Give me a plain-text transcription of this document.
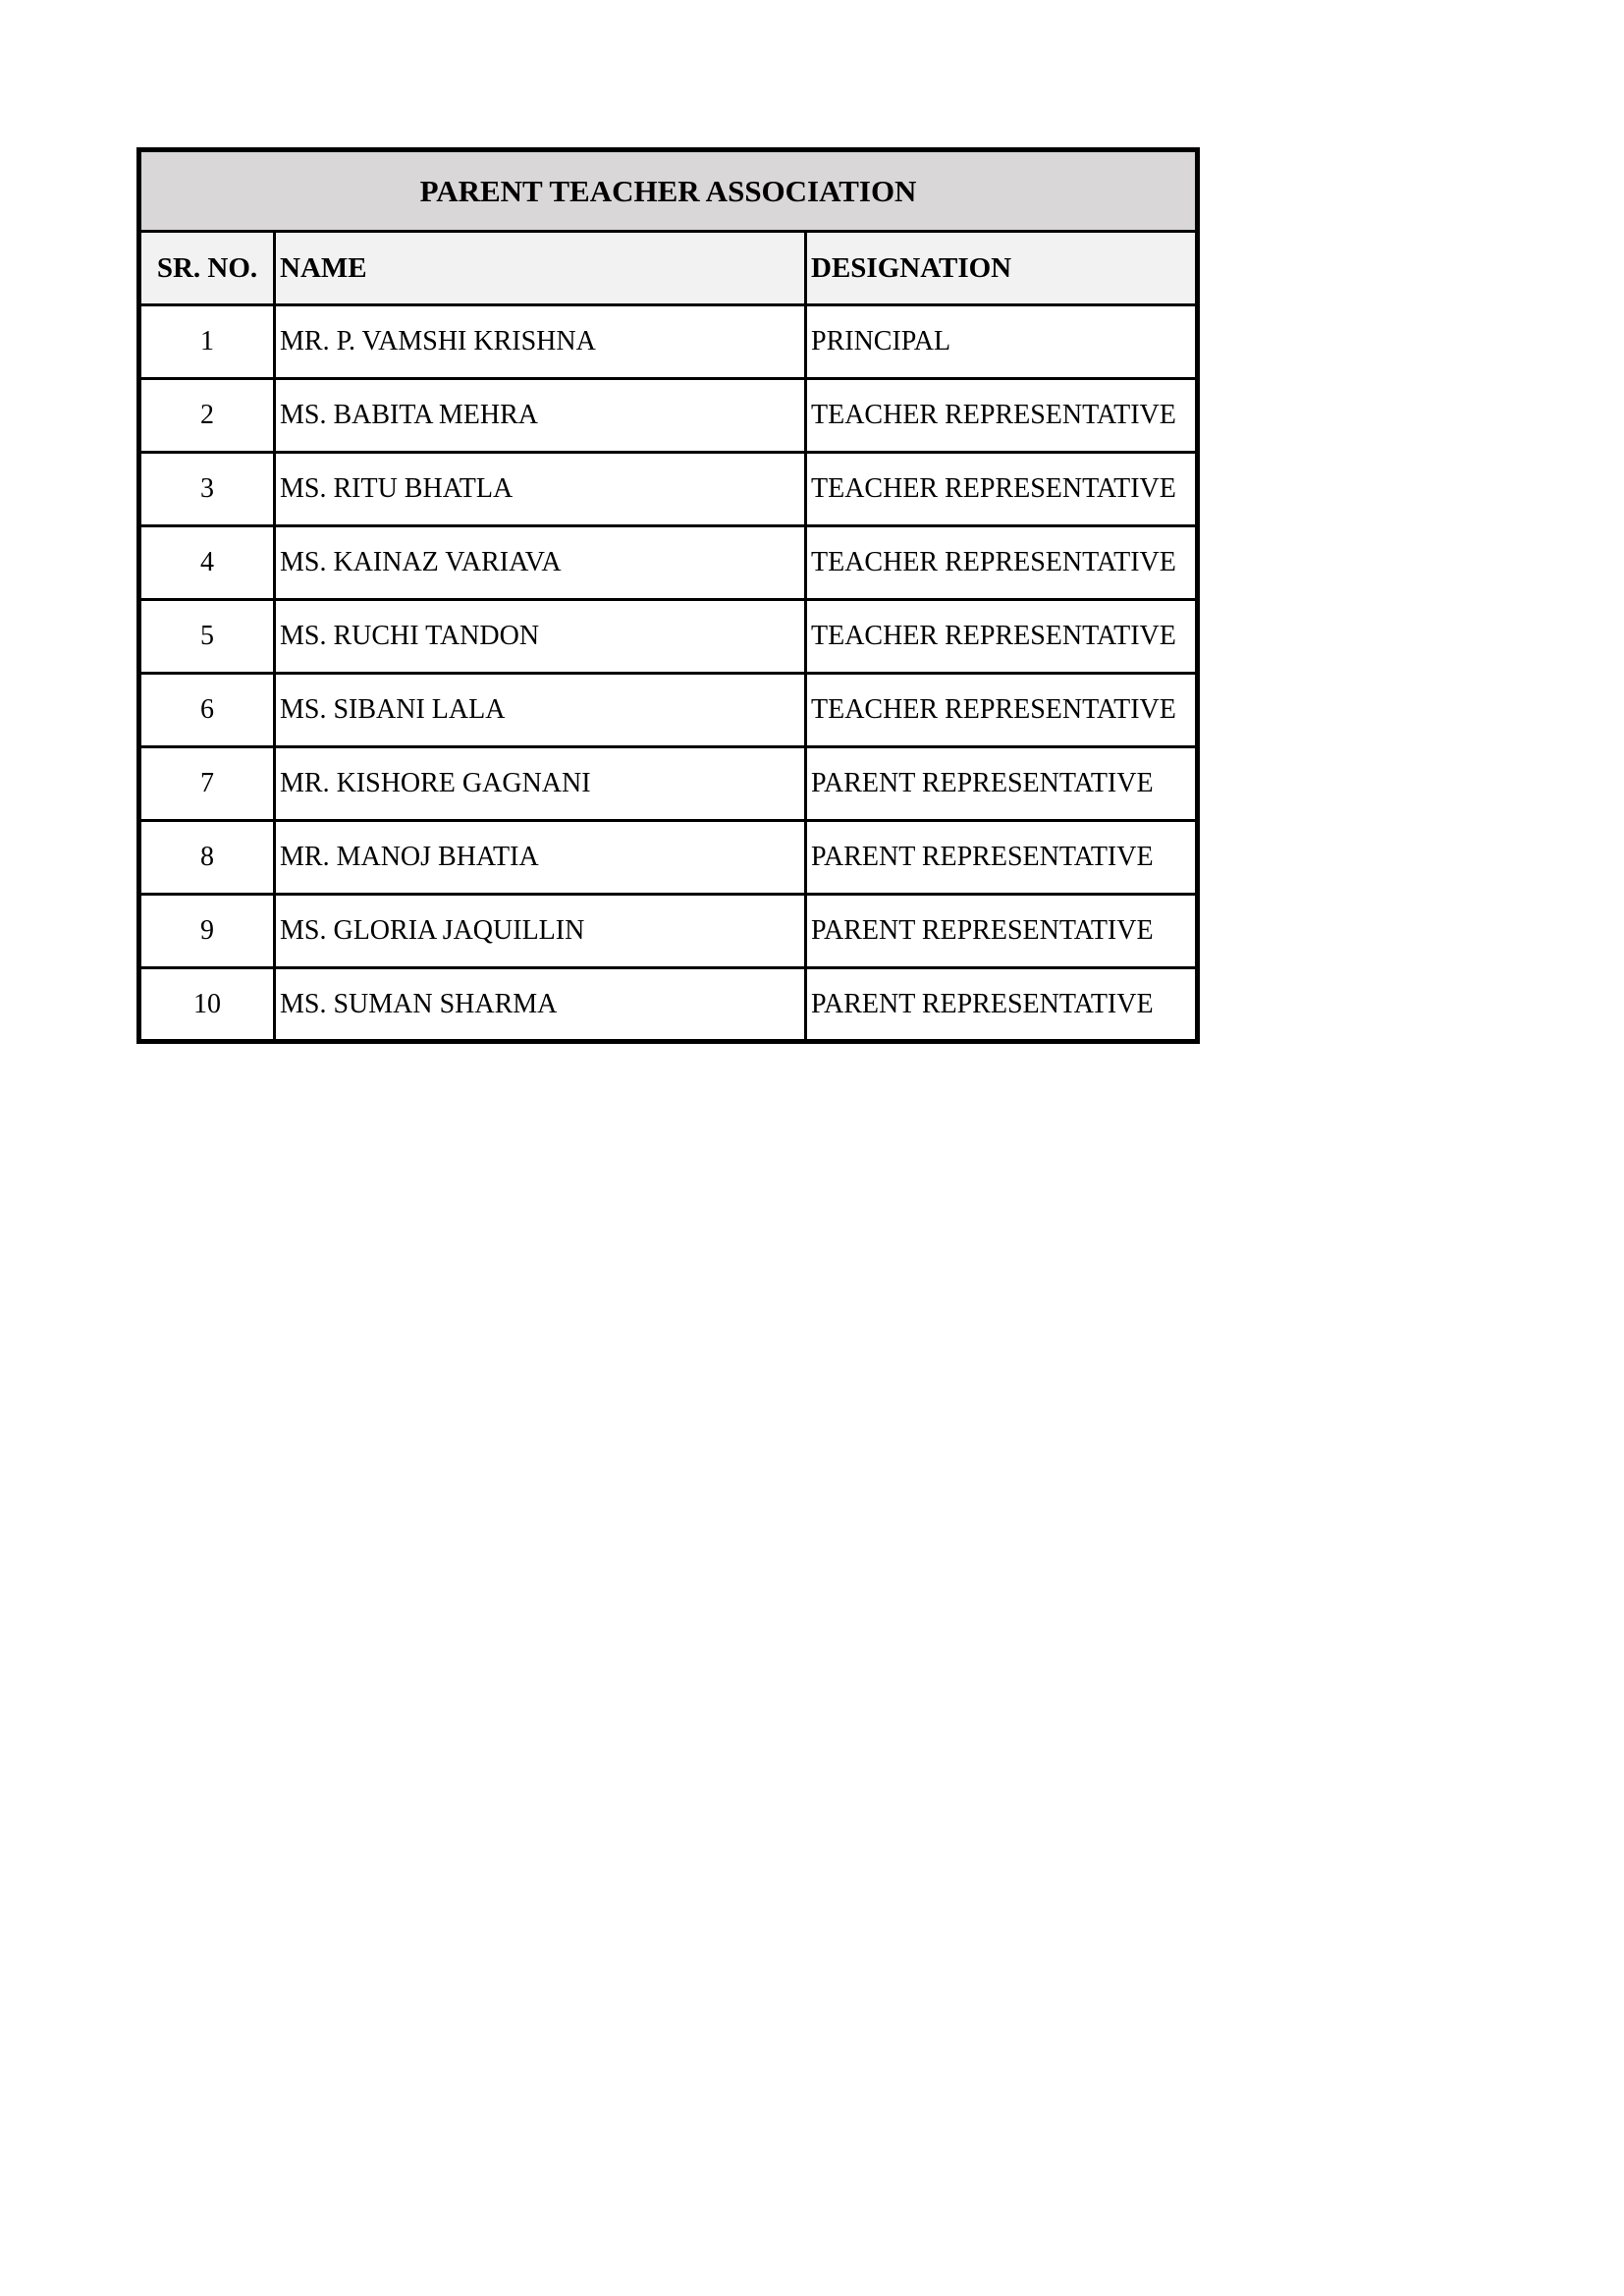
PARENT TEACHER ASSOCIATION		
SR. NO.	NAME	DESIGNATION
1	MR. P. VAMSHI KRISHNA	PRINCIPAL
2	MS. BABITA MEHRA	TEACHER REPRESENTATIVE
3	MS. RITU BHATLA	TEACHER REPRESENTATIVE
4	MS. KAINAZ VARIAVA	TEACHER REPRESENTATIVE
5	MS. RUCHI TANDON	TEACHER REPRESENTATIVE
6	MS. SIBANI LALA	TEACHER REPRESENTATIVE
7	MR. KISHORE GAGNANI	PARENT REPRESENTATIVE
8	MR. MANOJ BHATIA	PARENT REPRESENTATIVE
9	MS. GLORIA JAQUILLIN	PARENT REPRESENTATIVE
10	MS. SUMAN SHARMA	PARENT REPRESENTATIVE
